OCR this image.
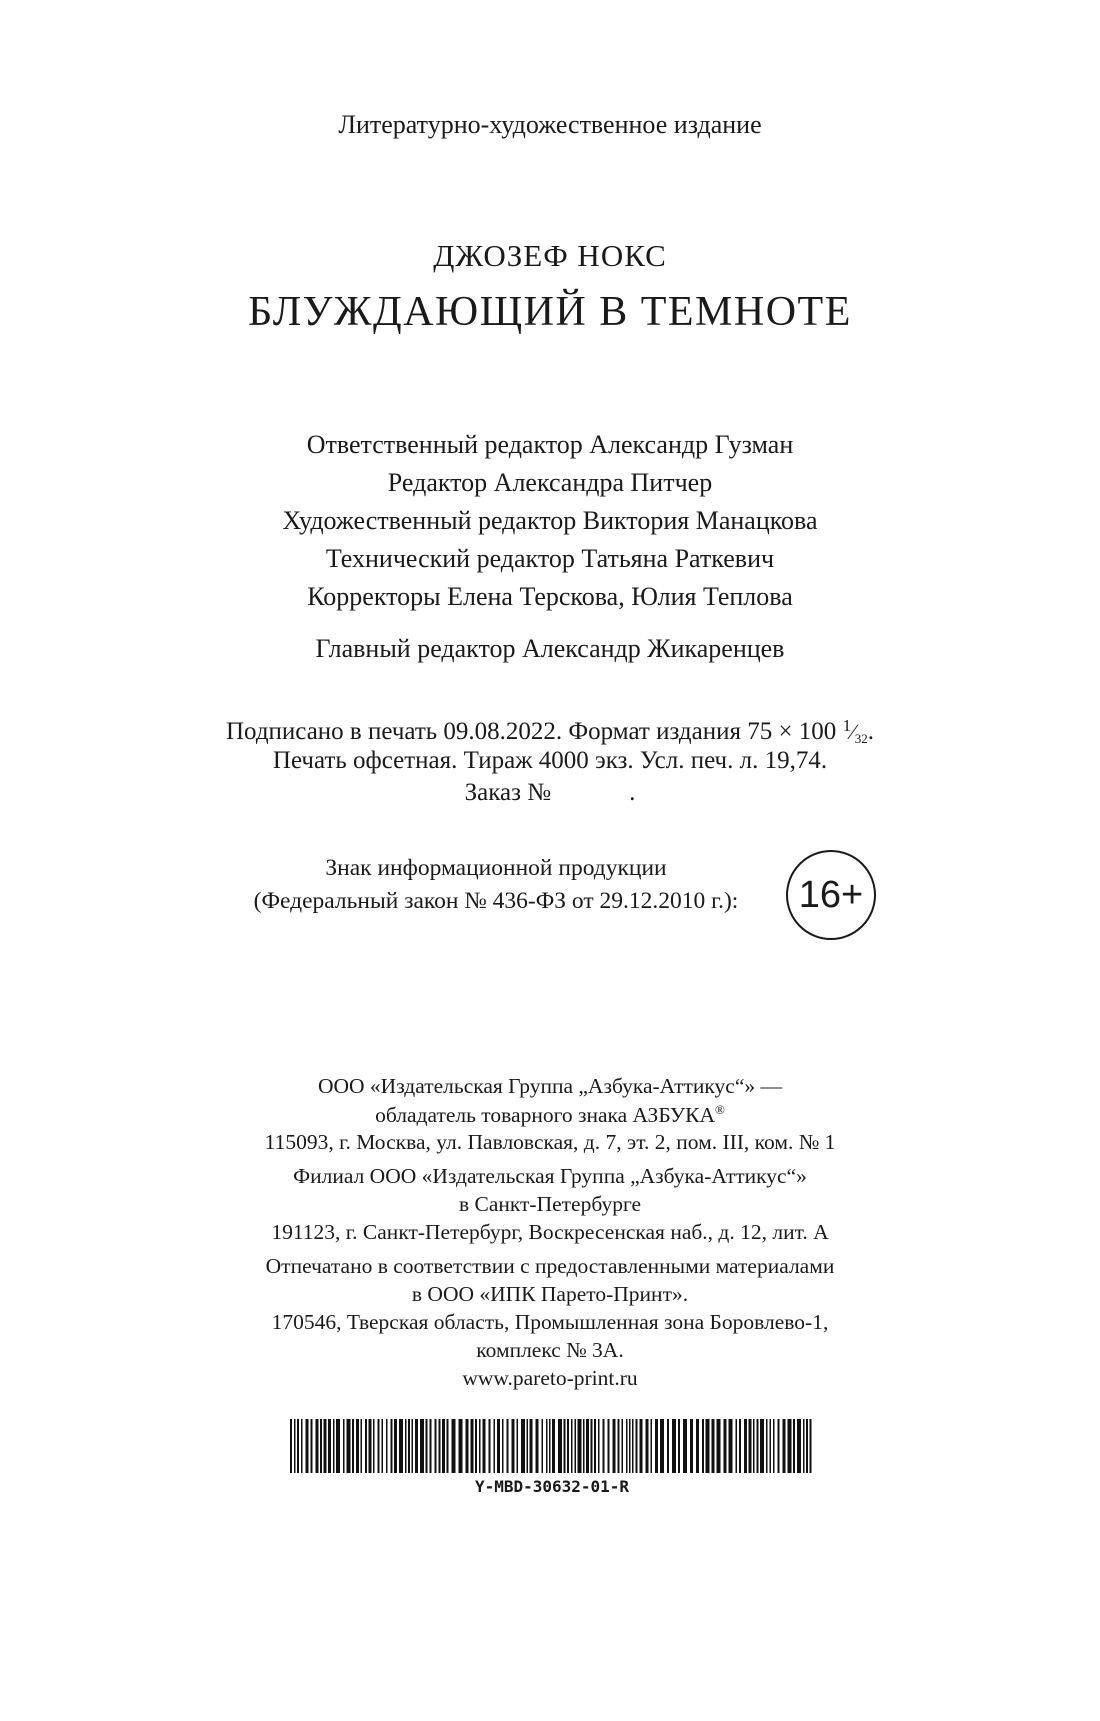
Литературно-художественное издание
ДЖОЗЕФ НОКС
БЛУЖДАЮЩИЙ В ТЕМНОТЕ
Ответственный редактор Александр Гузман
Редактор Александра Питчер
Художественный редактор Виктория Манацкова
Технический редактор Татьяна Раткевич
Корректоры Елена Терскова, Юлия Теплова
Главный редактор Александр Жикаренцев
Подписано в печать 09.08.2022. Формат издания 75 × 100 $^1$⁄32.
Печать офсетная. Тираж 4000 экз. Усл. печ. л. 19,74.
Заказ №	.
Знак информационной продукции
(Федеральный закон № 436-ФЗ от 29.12.2010 г.):	16+
ООО «Издательская Группа „Азбука-Аттикус“» —
обладатель товарного знака АЗБУКА®
115093, г. Москва, ул. Павловская, д. 7, эт. 2, пом. III, ком. № 1
Филиал ООО «Издательская Группа „Азбука-Аттикус“»
в Санкт-Петербурге
191123, г. Санкт-Петербург, Воскресенская наб., д. 12, лит. А
Отпечатано в соответствии с предоставленными материалами
в ООО «ИПК Парето-Принт».
170546, Тверская область, Промышленная зона Боровлево-1,
комплекс № 3А.
www.pareto-print.ru
Y-MBD-30632-01-R
